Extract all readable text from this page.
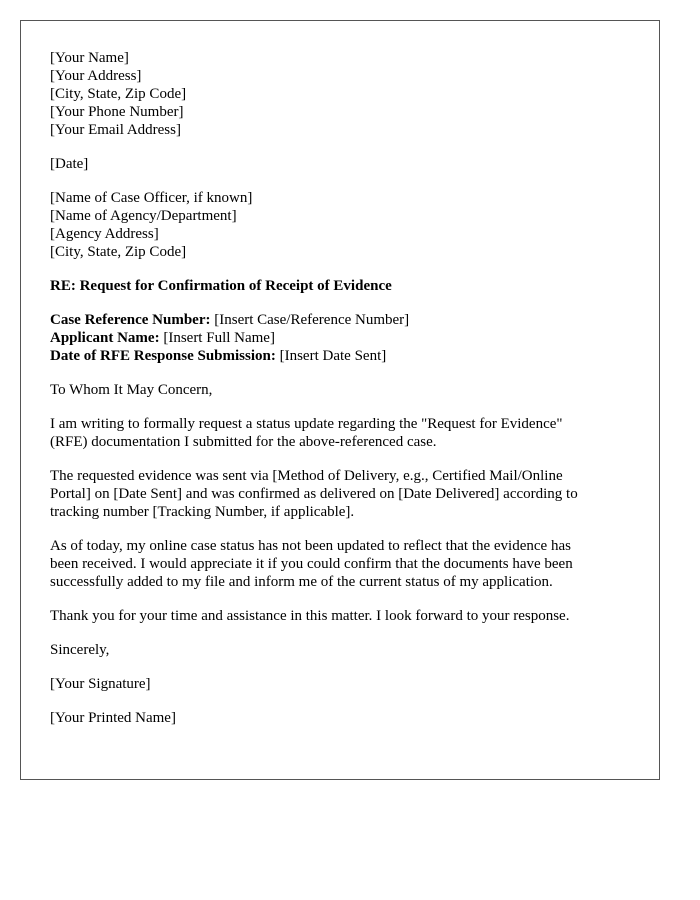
[Your Name]
[Your Address]
[City, State, Zip Code]
[Your Phone Number]
[Your Email Address]
[Date]
[Name of Case Officer, if known]
[Name of Agency/Department]
[Agency Address]
[City, State, Zip Code]
RE: Request for Confirmation of Receipt of Evidence
Case Reference Number: [Insert Case/Reference Number]
Applicant Name: [Insert Full Name]
Date of RFE Response Submission: [Insert Date Sent]
To Whom It May Concern,
I am writing to formally request a status update regarding the "Request for Evidence"
(RFE) documentation I submitted for the above-referenced case.
The requested evidence was sent via [Method of Delivery, e.g., Certified Mail/Online
Portal] on [Date Sent] and was confirmed as delivered on [Date Delivered] according to
tracking number [Tracking Number, if applicable].
As of today, my online case status has not been updated to reflect that the evidence has
been received. I would appreciate it if you could confirm that the documents have been
successfully added to my file and inform me of the current status of my application.
Thank you for your time and assistance in this matter. I look forward to your response.
Sincerely,
[Your Signature]
[Your Printed Name]
